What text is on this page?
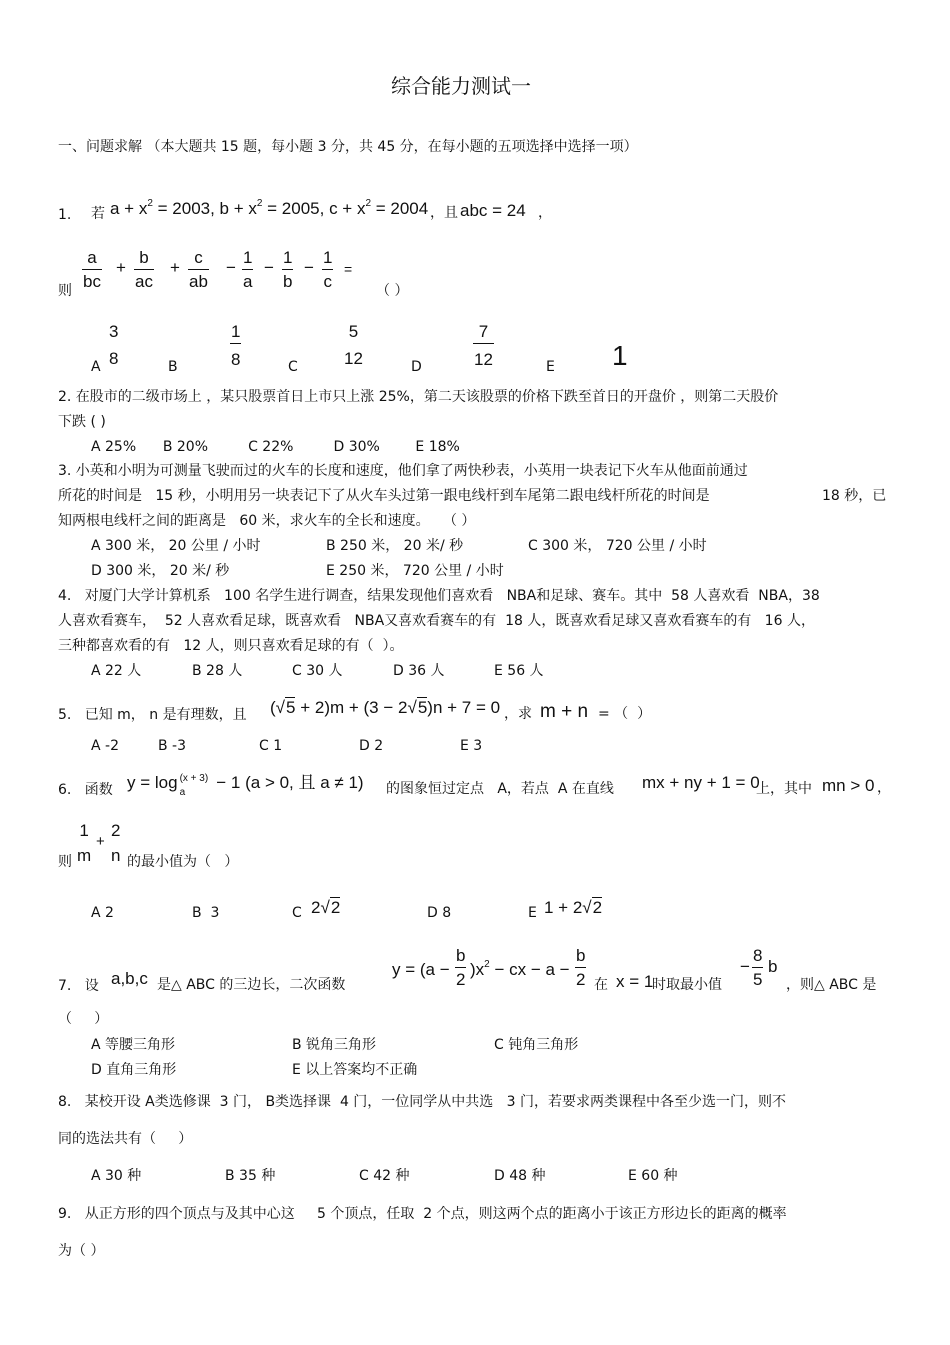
综合能力测试一
一、问题求解 （本大题共 15 题，每小题 3 分，共 45 分，在每小题的五项选择中选择一项）
1. 若 $a + x^2 = 2003$, $b + x^2 = 2005$, $c + x^2 = 2004$ ，且 abc = 24 ，
则 $\frac{a}{bc} + \frac{b}{ac} + \frac{c}{ab} - \frac{1}{a} - \frac{1}{b} - \frac{1}{c}$ =
（ ）
A
3
8	B	$\frac{1}{8}$	C
5
12	D	$\frac{7}{12}$	E 1
2. 在股市的二级市场上 ，某只股票首日上市只上涨 25%，第二天该股票的价格下跌至首日的开盘价 ，则第二天股价
下跌 ( )
A 25%      B 20%         C 22%         D 30%        E 18%
3. 小英和小明为可测量飞驶而过的火车的长度和速度，他们拿了两快秒表，小英用一块表记下火车从他面前通过
所花的时间是   15 秒，小明用另一块表记下了从火车头过第一跟电线杆到车尾第二跟电线杆所花的时间是	18 秒，已
知两根电线杆之间的距离是   60 米，求火车的全长和速度。   （ ）
A 300 米， 20 公里 / 小时	B 250 米， 20 米/ 秒	C 300 米， 720 公里 / 小时
D 300 米， 20 米/ 秒	E 250 米， 720 公里 / 小时
4.   对厦门大学计算机系   100 名学生进行调查，结果发现他们喜欢看   NBA和足球、赛车。其中  58 人喜欢看  NBA，38
人喜欢看赛车，  52 人喜欢看足球，既喜欢看   NBA又喜欢看赛车的有  18 人，既喜欢看足球又喜欢看赛车的有   16 人，
三种都喜欢看的有   12 人，则只喜欢看足球的有（  ）。
A 22 人	B 28 人	C 30 人	D 36 人	E 56 人
5.   已知 m， n 是有理数，且 (√5 + 2)m + (3 − 2√5)n + 7 = 0 ，求 m + n = （  ）
A -2	B -3	C 1	D 2	E 3
6.   函数 y = log (x + 3)
a
− 1 (a > 0, 且 a ≠ 1) 的图象恒过定点   A，若点  A 在直线 mx + ny + 1 = 0
上，其中 mn > 0 ，
则
1
m
+
2
n 的最小值为（   ）
A 2	B  3	C 2√2	D 8	E 1 + 2√2
7.   设 a,b,c 是△ ABC 的三边长，二次函数
$y = (a - \frac{b}{2} )x^2$ − cx − $a - \frac{b}{2}$ 在 x = 1
时取最小值
− $\frac{8}{5}$ b
，则△ ABC 是
（     ）
A 等腰三角形	B 锐角三角形	C 钝角三角形
D 直角三角形	E 以上答案均不正确
8.   某校开设 A类选修课  3 门， B类选择课  4 门，一位同学从中共选   3 门，若要求两类课程中各至少选一门，则不
同的选法共有（     ）
A 30 种	B 35 种	C 42 种	D 48 种	E 60 种
9.   从正方形的四个顶点与及其中心这     5 个顶点，任取  2 个点，则这两个点的距离小于该正方形边长的距离的概率
为（ ）
